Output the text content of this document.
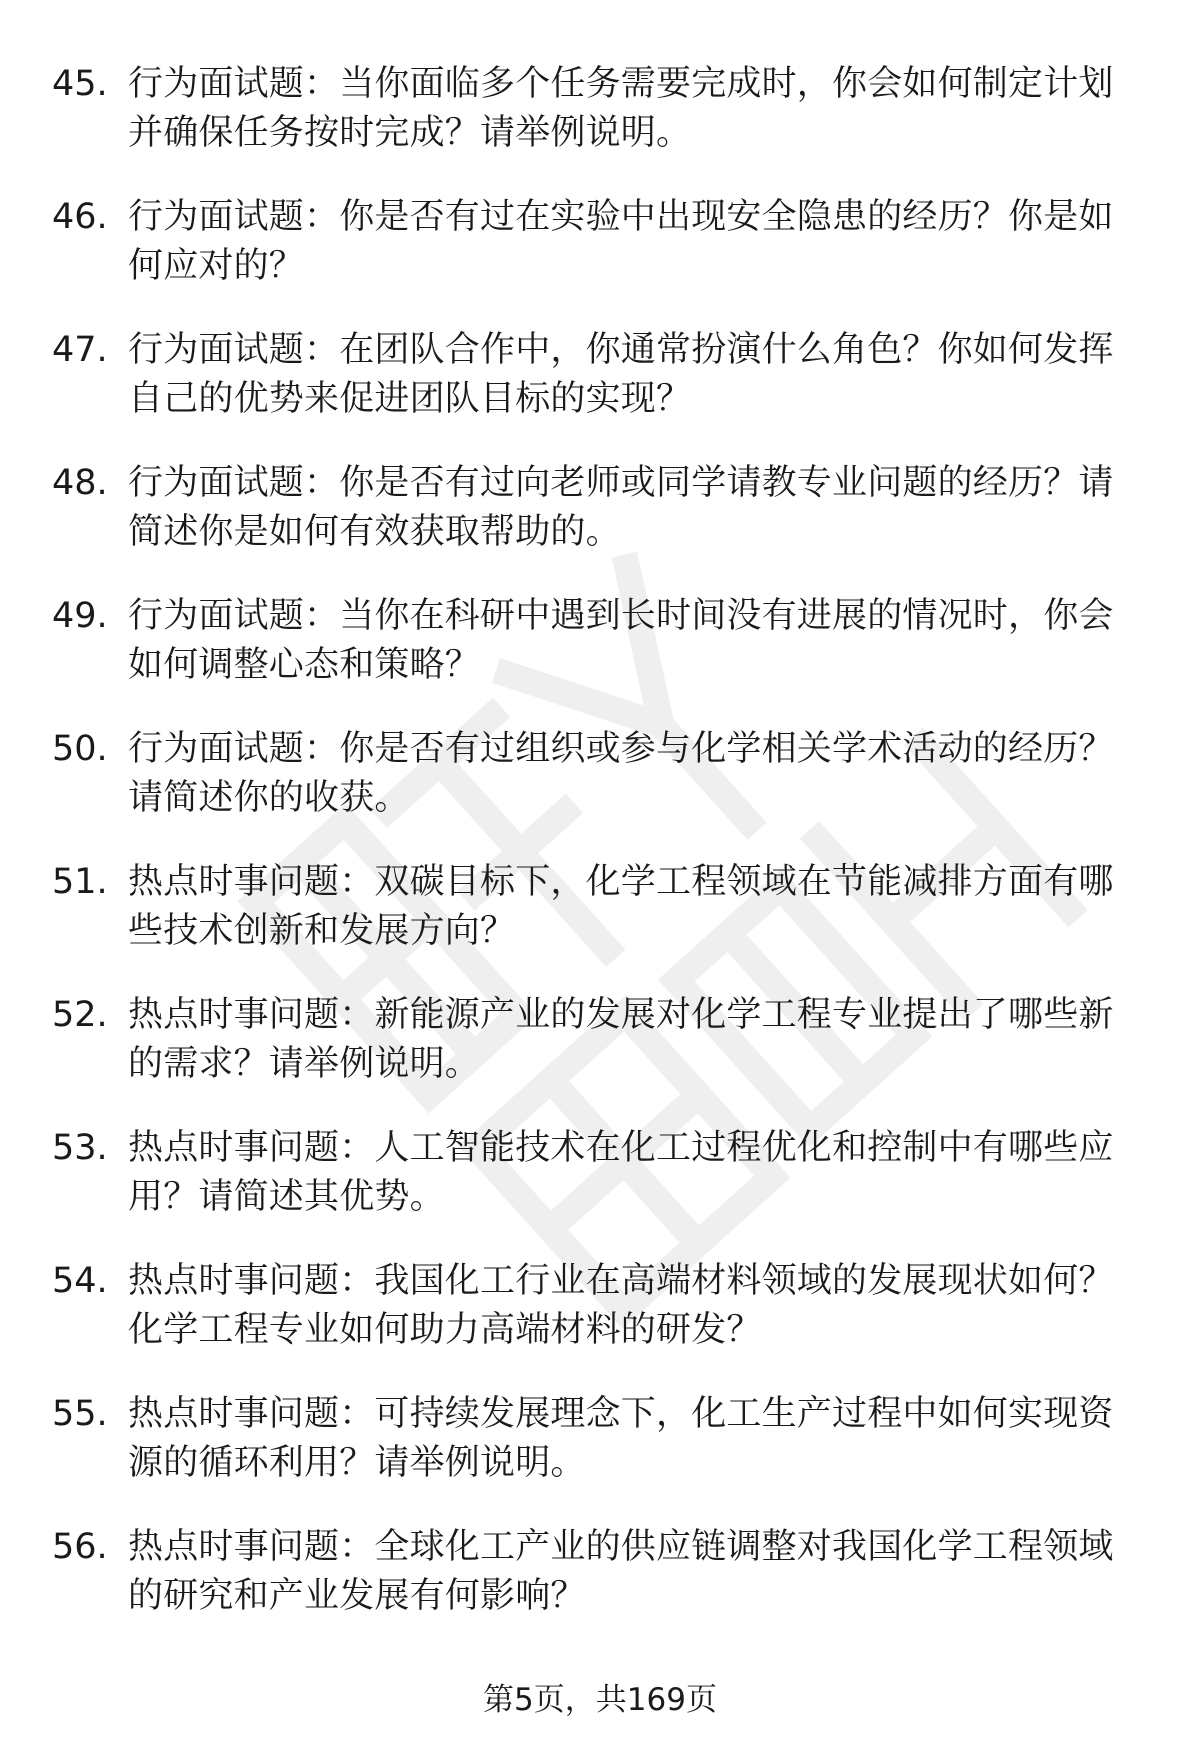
45. 行为面试题：当你面临多个任务需要完成时，你会如何制定计划并确保任务按时完成？请举例说明。
46. 行为面试题：你是否有过在实验中出现安全隐患的经历？你是如何应对的？
47. 行为面试题：在团队合作中，你通常扮演什么角色？你如何发挥自己的优势来促进团队目标的实现？
48. 行为面试题：你是否有过向老师或同学请教专业问题的经历？请简述你是如何有效获取帮助的。
49. 行为面试题：当你在科研中遇到长时间没有进展的情况时，你会如何调整心态和策略？
50. 行为面试题：你是否有过组织或参与化学相关学术活动的经历？请简述你的收获。
51. 热点时事问题：双碳目标下，化学工程领域在节能减排方面有哪些技术创新和发展方向？
52. 热点时事问题：新能源产业的发展对化学工程专业提出了哪些新的需求？请举例说明。
53. 热点时事问题：人工智能技术在化工过程优化和控制中有哪些应用？请简述其优势。
54. 热点时事问题：我国化工行业在高端材料领域的发展现状如何？化学工程专业如何助力高端材料的研发？
55. 热点时事问题：可持续发展理念下，化工生产过程中如何实现资源的循环利用？请举例说明。
56. 热点时事问题：全球化工产业的供应链调整对我国化学工程领域的研究和产业发展有何影响？
第5页，共169页
